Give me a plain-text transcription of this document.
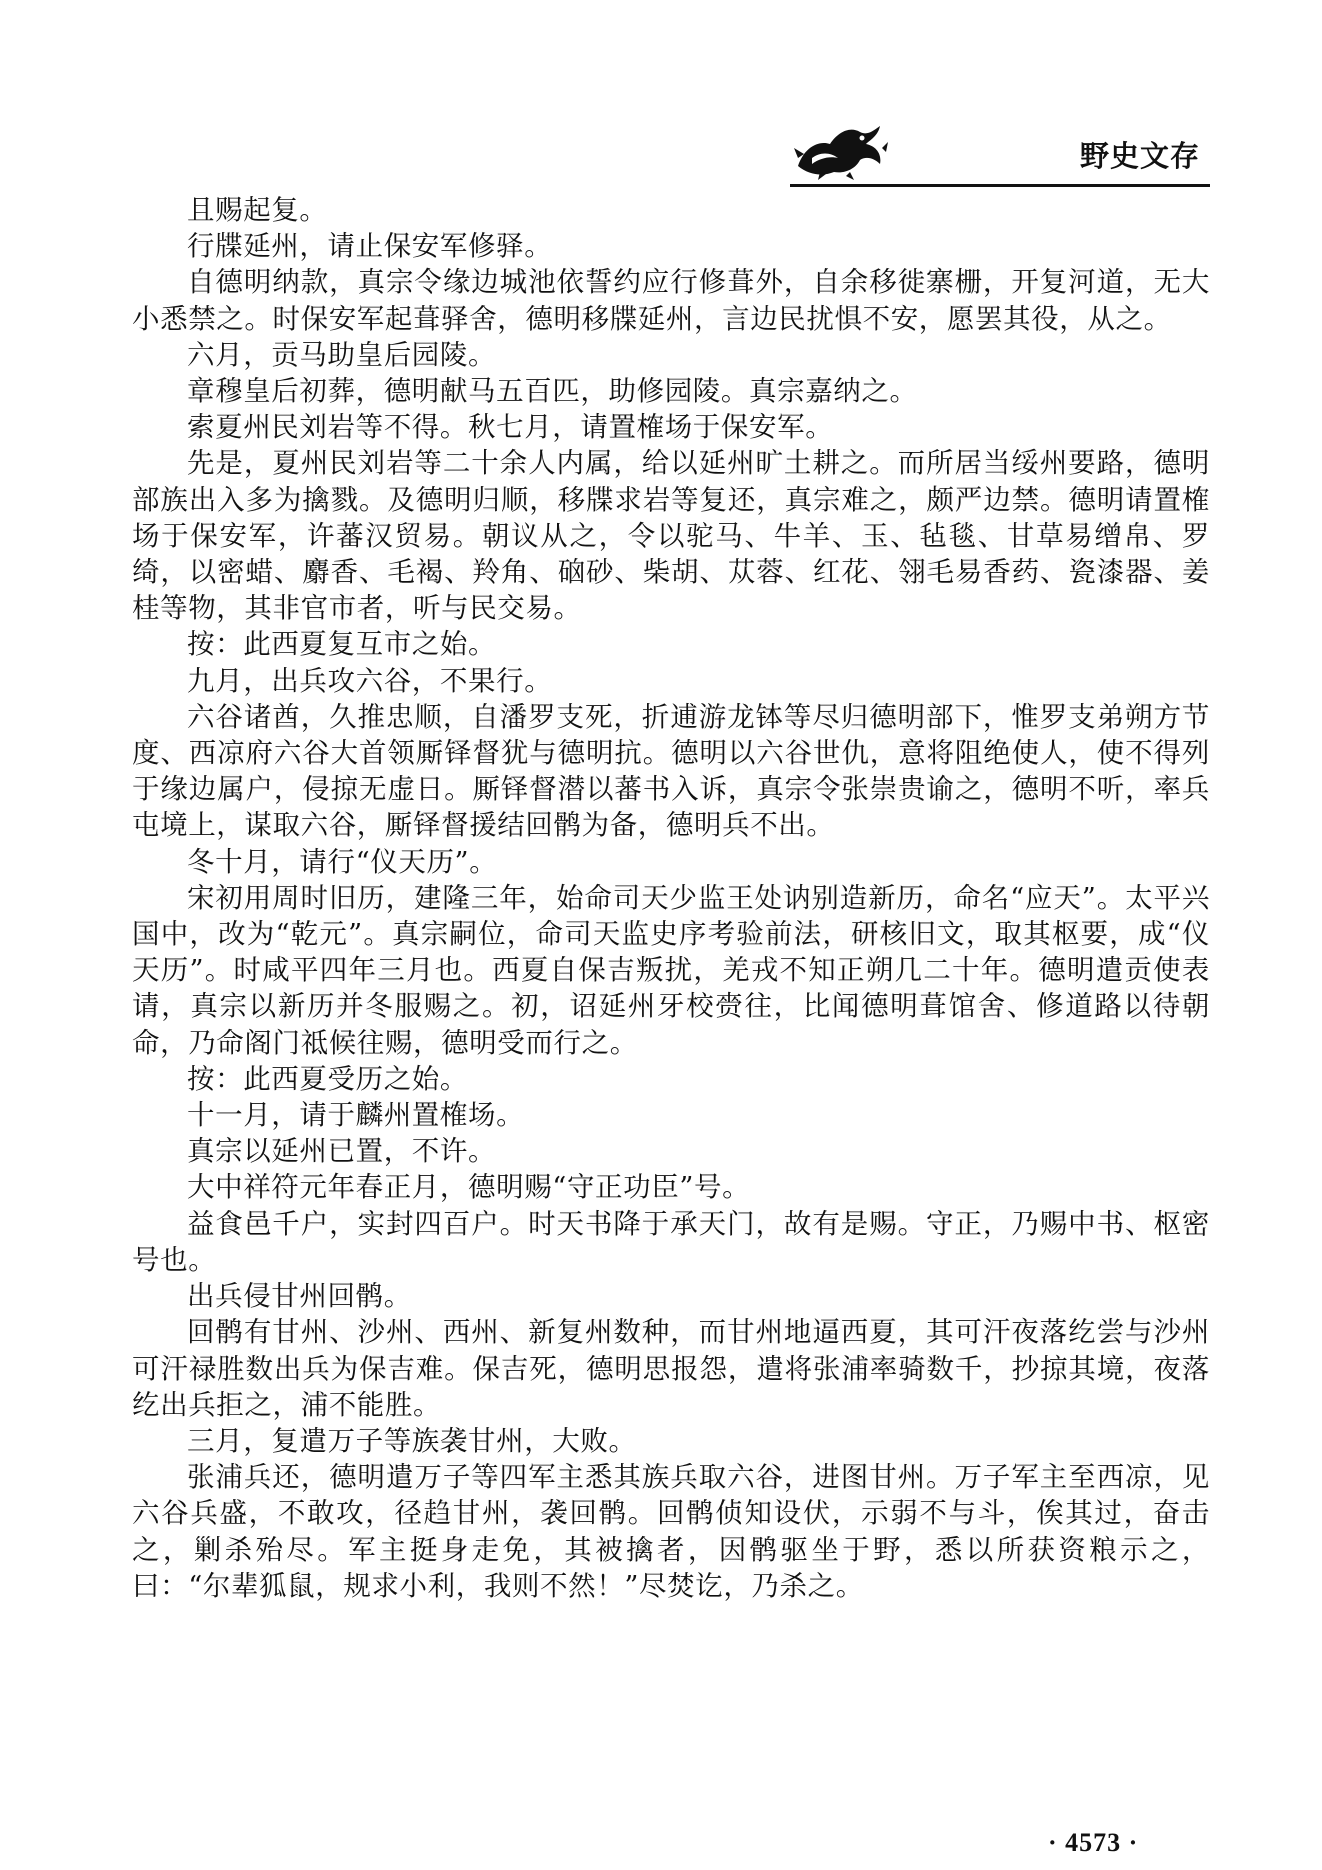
野史文存

且赐起复。

行牒延州，请止保安军修驿。

自德明纳款，真宗令缘边城池依誓约应行修葺外，自余移徙寨栅，开复河道，无大小悉禁之。时保安军起葺驿舍，德明移牒延州，言边民扰惧不安，愿罢其役，从之。

六月，贡马助皇后园陵。

章穆皇后初葬，德明献马五百匹，助修园陵。真宗嘉纳之。

索夏州民刘岩等不得。秋七月，请置榷场于保安军。

先是，夏州民刘岩等二十余人内属，给以延州旷土耕之。而所居当绥州要路，德明部族出入多为擒戮。及德明归顺，移牒求岩等复还，真宗难之，颇严边禁。德明请置榷场于保安军，许蕃汉贸易。朝议从之，令以驼马、牛羊、玉、毡毯、甘草易缯帛、罗绮，以密蜡、麝香、毛褐、羚角、硇砂、柴胡、苁蓉、红花、翎毛易香药、瓷漆器、姜桂等物，其非官市者，听与民交易。

按：此西夏复互市之始。

九月，出兵攻六谷，不果行。

六谷诸酋，久推忠顺，自潘罗支死，折逋游龙钵等尽归德明部下，惟罗支弟朔方节度、西凉府六谷大首领厮铎督犹与德明抗。德明以六谷世仇，意将阻绝使人，使不得列于缘边属户，侵掠无虚日。厮铎督潜以蕃书入诉，真宗令张崇贵谕之，德明不听，率兵屯境上，谋取六谷，厮铎督援结回鹘为备，德明兵不出。

冬十月，请行“仪天历”。

宋初用周时旧历，建隆三年，始命司天少监王处讷别造新历，命名“应天”。太平兴国中，改为“乾元”。真宗嗣位，命司天监史序考验前法，研核旧文，取其枢要，成“仪天历”。时咸平四年三月也。西夏自保吉叛扰，羌戎不知正朔几二十年。德明遣贡使表请，真宗以新历并冬服赐之。初，诏延州牙校赍往，比闻德明葺馆舍、修道路以待朝命，乃命阁门祗候往赐，德明受而行之。

按：此西夏受历之始。

十一月，请于麟州置榷场。

真宗以延州已置，不许。

大中祥符元年春正月，德明赐“守正功臣”号。

益食邑千户，实封四百户。时天书降于承天门，故有是赐。守正，乃赐中书、枢密号也。

出兵侵甘州回鹘。

回鹘有甘州、沙州、西州、新复州数种，而甘州地逼西夏，其可汗夜落纥尝与沙州可汗禄胜数出兵为保吉难。保吉死，德明思报怨，遣将张浦率骑数千，抄掠其境，夜落纥出兵拒之，浦不能胜。

三月，复遣万子等族袭甘州，大败。

张浦兵还，德明遣万子等四军主悉其族兵取六谷，进图甘州。万子军主至西凉，见六谷兵盛，不敢攻，径趋甘州，袭回鹘。回鹘侦知设伏，示弱不与斗，俟其过，奋击之，剿杀殆尽。军主挺身走免，其被擒者，因鹘驱坐于野，悉以所获资粮示之，曰：“尔辈狐鼠，规求小利，我则不然！”尽焚讫，乃杀之。

· 4573 ·
